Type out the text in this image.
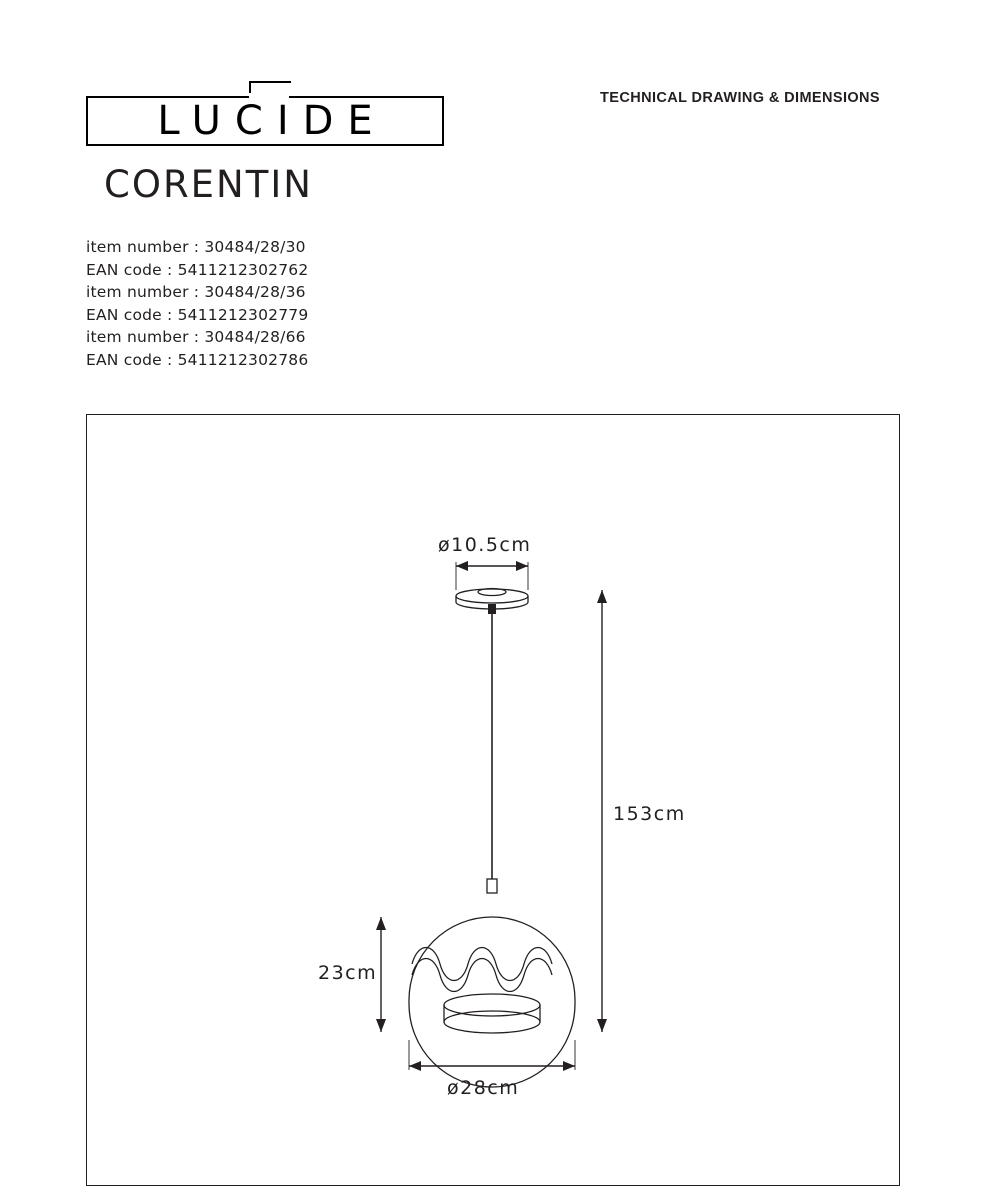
TECHNICAL DRAWING & DIMENSIONS
LUCIDE
CORENTIN
item number : 30484/28/30
EAN code : 5411212302762
item number : 30484/28/36
EAN code : 5411212302779
item number : 30484/28/66
EAN code : 5411212302786
ø10.5cm
153cm
23cm
ø28cm
